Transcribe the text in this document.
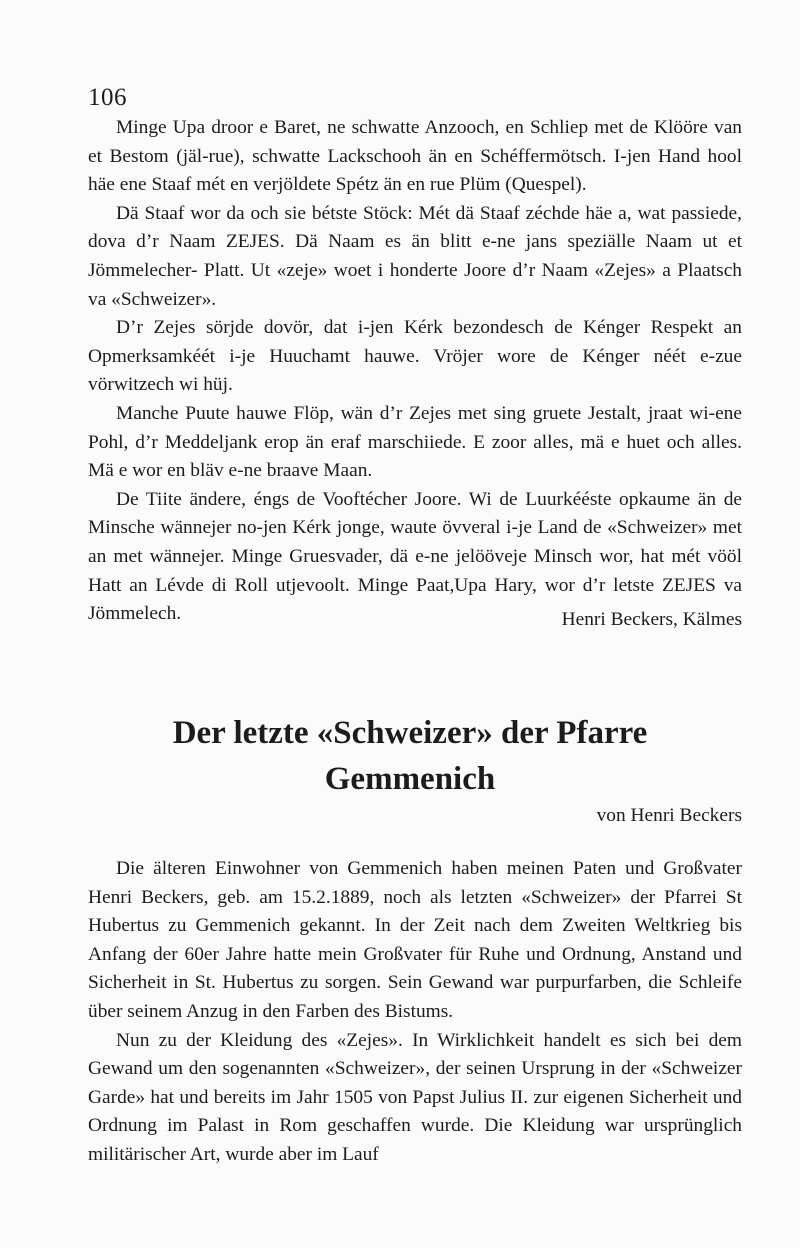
106

Minge Upa droor e Baret, ne schwatte Anzooch, en Schliep met de Klööre van et Bestom (jäl-rue), schwatte Lackschooh än en Schéffermötsch. I-jen Hand hool häe ene Staaf mét en verjöldete Spétz än en rue Plüm (Quespel).

Dä Staaf wor da och sie bétste Stöck: Mét dä Staaf zéchde häe a, wat passiede, dova d’r Naam ZEJES. Dä Naam es än blitt e-ne jans speziälle Naam ut et Jömmelecher- Platt. Ut «zeje» woet i honderte Joore d’r Naam «Zejes» a Plaatsch va «Schweizer».

D’r Zejes sörjde dovör, dat i-jen Kérk bezondesch de Kénger Respekt an Opmerksamkéét i-je Huuchamt hauwe. Vröjer wore de Kénger néét e-zue vörwitzech wi hüj.

Manche Puute hauwe Flöp, wän d’r Zejes met sing gruete Jestalt, jraat wi-ene Pohl, d’r Meddeljank erop än eraf marschiiede. E zoor alles, mä e huet och alles. Mä e wor en bläv e-ne braave Maan.

De Tiite ändere, éngs de Vooftécher Joore. Wi de Luurkééste opkaume än de Minsche wännejer no-jen Kérk jonge, waute övveral i-je Land de «Schweizer» met an met wännejer. Minge Gruesvader, dä e-ne jelööveje Minsch wor, hat mét vööl Hatt an Lévde di Roll utjevoolt. Minge Paat,Upa Hary, wor d’r letste ZEJES va Jömmelech.	Henri Beckers, Kälmes
Der letzte «Schweizer» der Pfarre
Gemmenich
von Henri Beckers

Die älteren Einwohner von Gemmenich haben meinen Paten und Großvater Henri Beckers, geb. am 15.2.1889, noch als letzten «Schweizer» der Pfarrei St Hubertus zu Gemmenich gekannt. In der Zeit nach dem Zweiten Weltkrieg bis Anfang der 60er Jahre hatte mein Großvater für Ruhe und Ordnung, Anstand und Sicherheit in St. Hubertus zu sorgen. Sein Gewand war purpurfarben, die Schleife über seinem Anzug in den Farben des Bistums.

Nun zu der Kleidung des «Zejes». In Wirklichkeit handelt es sich bei dem Gewand um den sogenannten «Schweizer», der seinen Ursprung in der «Schweizer Garde» hat und bereits im Jahr 1505 von Papst Julius II. zur eigenen Sicherheit und Ordnung im Palast in Rom geschaffen wurde. Die Kleidung war ursprünglich militärischer Art, wurde aber im Lauf
